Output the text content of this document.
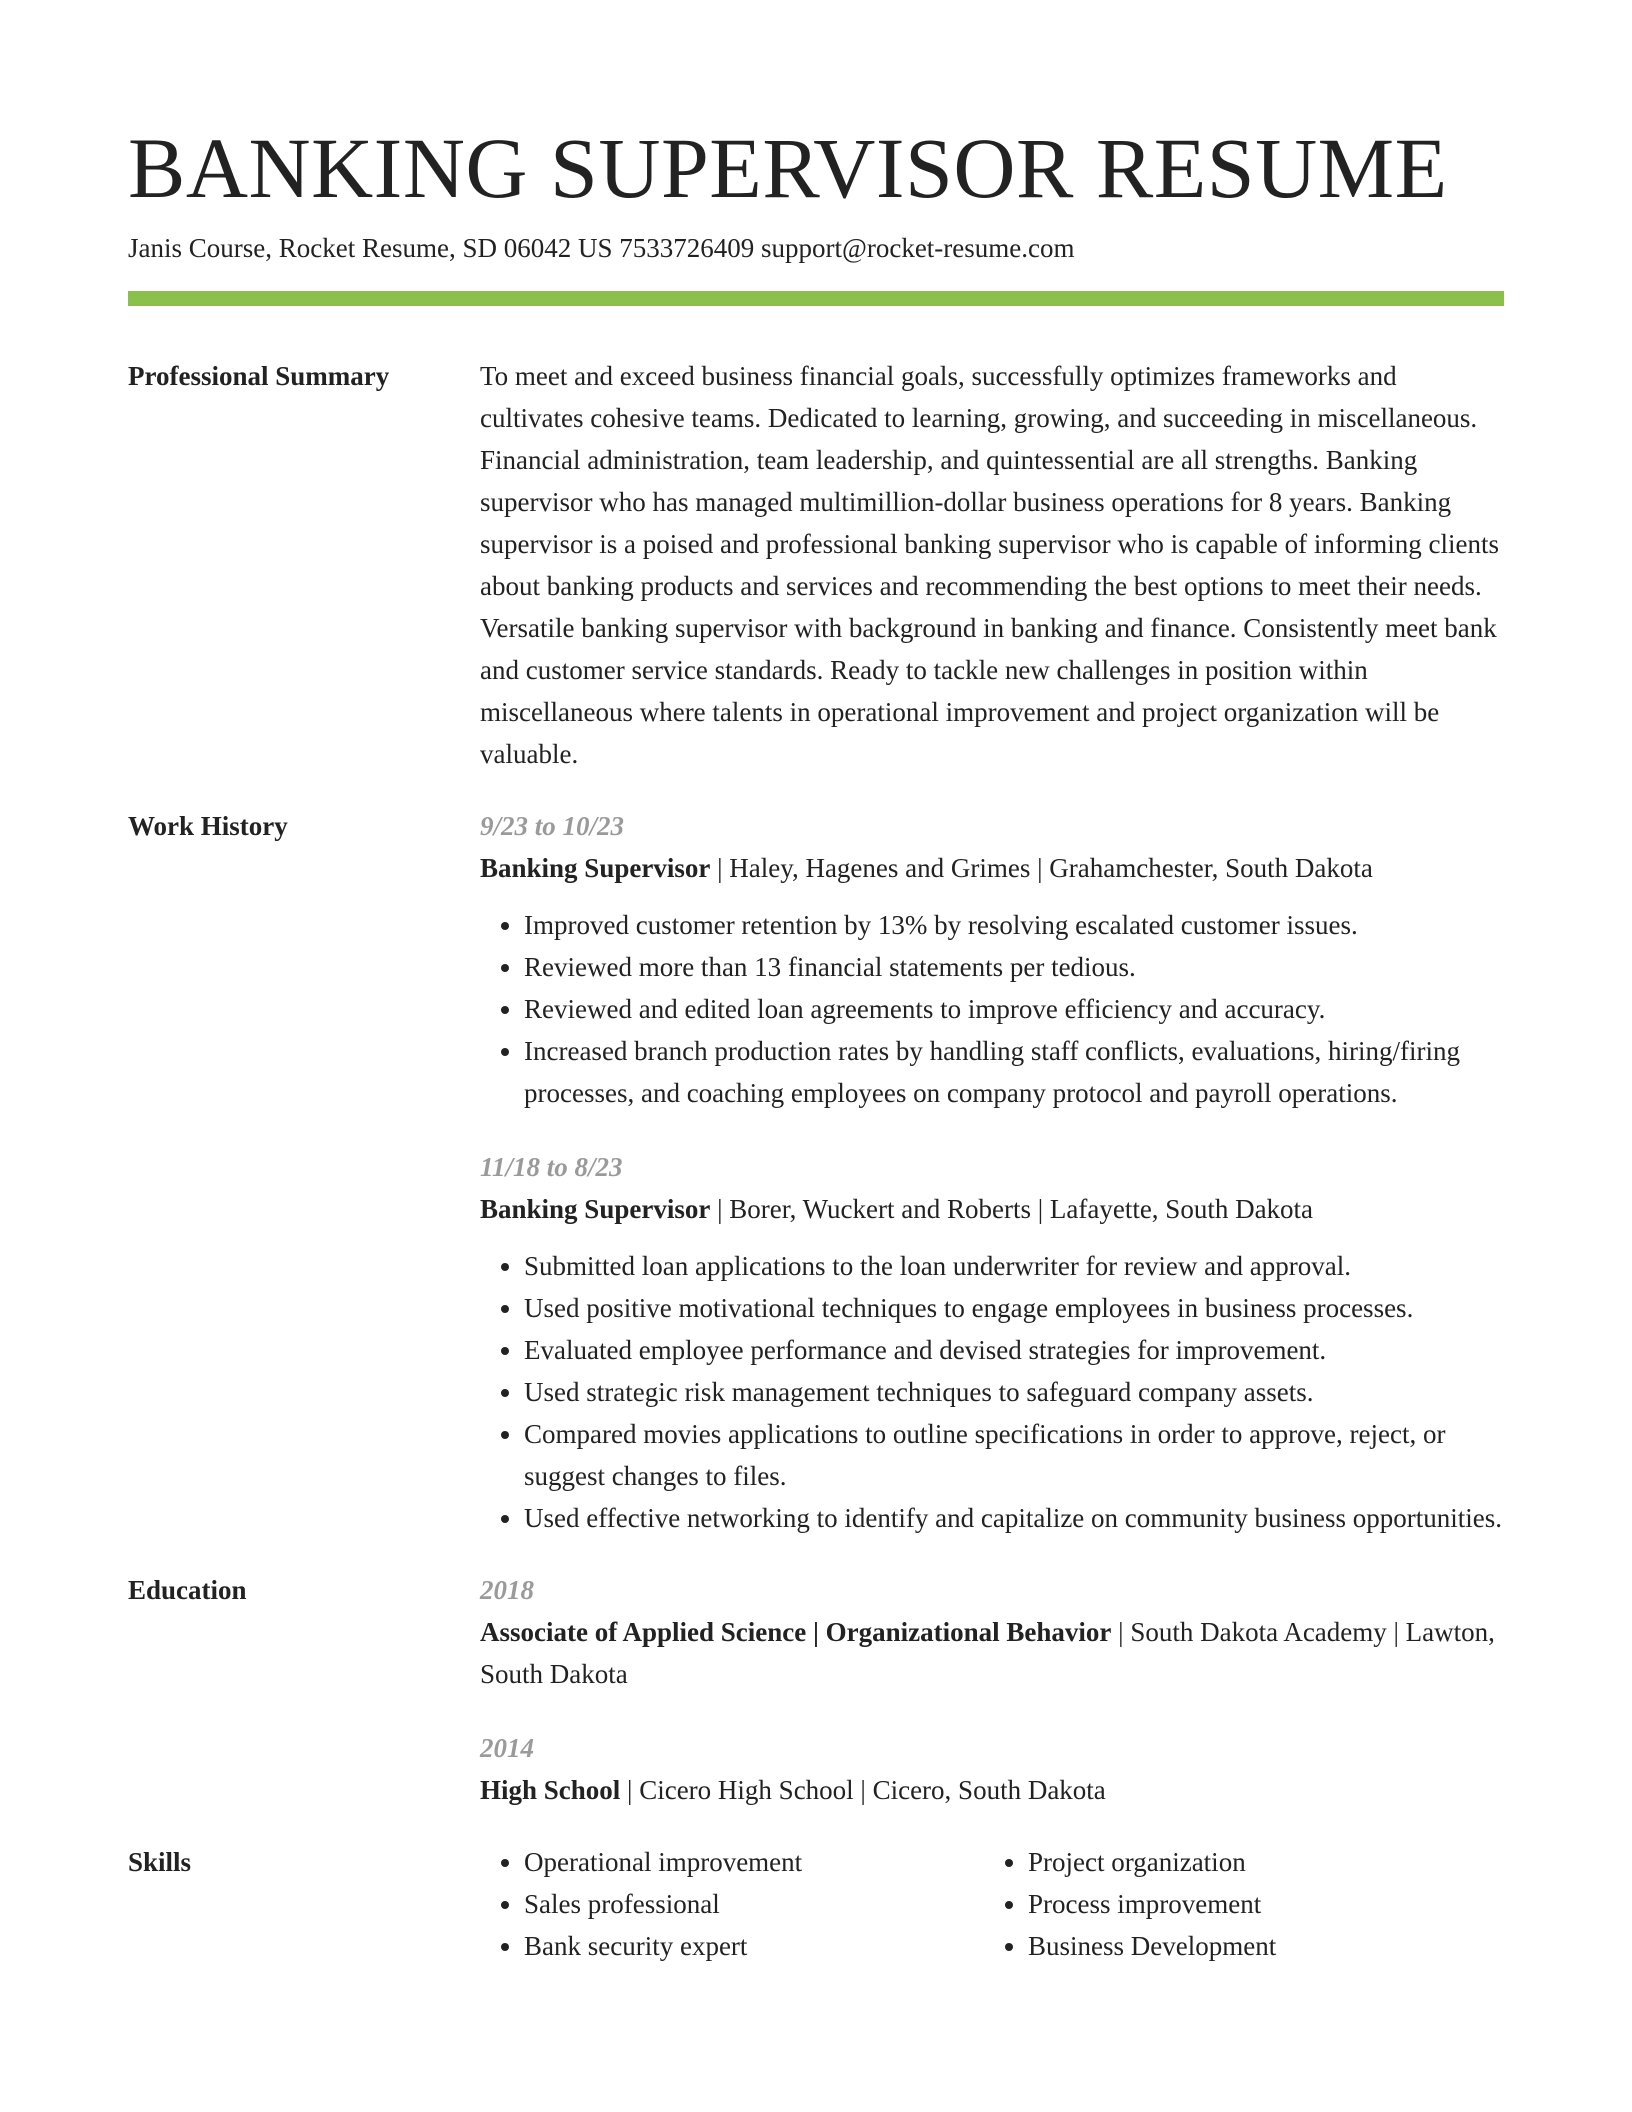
BANKING SUPERVISOR RESUME
Janis Course, Rocket Resume, SD 06042 US 7533726409 support@rocket-resume.com
Professional Summary	To meet and exceed business financial goals, successfully optimizes frameworks and cultivates cohesive teams. Dedicated to learning, growing, and succeeding in miscellaneous. Financial administration, team leadership, and quintessential are all strengths. Banking supervisor who has managed multimillion-dollar business operations for 8 years. Banking supervisor is a poised and professional banking supervisor who is capable of informing clients about banking products and services and recommending the best options to meet their needs. Versatile banking supervisor with background in banking and finance. Consistently meet bank and customer service standards. Ready to tackle new challenges in position within miscellaneous where talents in operational improvement and project organization will be valuable.

Work History	9/23 to 10/23
Banking Supervisor | Haley, Hagenes and Grimes | Grahamchester, South Dakota
• Improved customer retention by 13% by resolving escalated customer issues.
• Reviewed more than 13 financial statements per tedious.
• Reviewed and edited loan agreements to improve efficiency and accuracy.
• Increased branch production rates by handling staff conflicts, evaluations, hiring/firing processes, and coaching employees on company protocol and payroll operations.
11/18 to 8/23
Banking Supervisor | Borer, Wuckert and Roberts | Lafayette, South Dakota
• Submitted loan applications to the loan underwriter for review and approval.
• Used positive motivational techniques to engage employees in business processes.
• Evaluated employee performance and devised strategies for improvement.
• Used strategic risk management techniques to safeguard company assets.
• Compared movies applications to outline specifications in order to approve, reject, or suggest changes to files.
• Used effective networking to identify and capitalize on community business opportunities.
Education	2018
Associate of Applied Science | Organizational Behavior | South Dakota Academy | Lawton, South Dakota
2014
High School | Cicero High School | Cicero, South Dakota
Skills
•	Operational improvement
• Sales professional
• Bank security expert
• Project organization
• Process improvement
• Business Development
